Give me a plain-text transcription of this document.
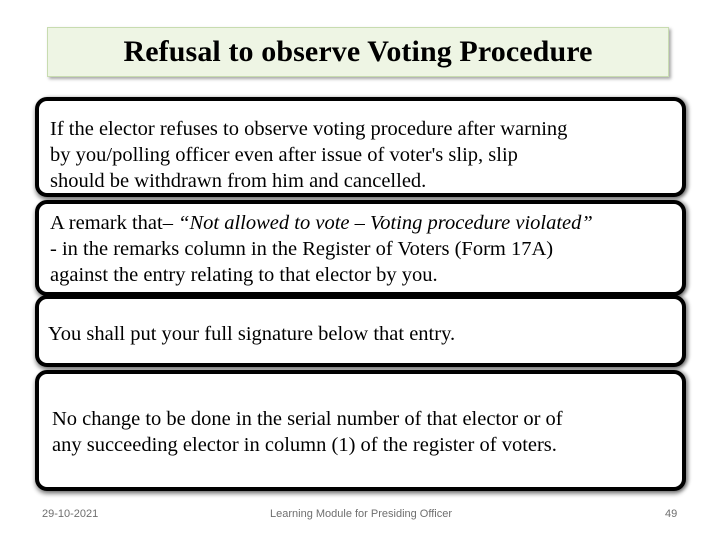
Refusal to observe Voting Procedure
If the elector refuses to observe voting procedure after warning
by you/polling officer even after issue of voter's slip, slip
should be withdrawn from him and cancelled.
A remark that– “Not allowed to vote – Voting procedure violated”
- in the remarks column in the Register of Voters (Form 17A)
against the entry relating to that elector by you.
You shall put your full signature below that entry.
No change to be done in the serial number of that elector or of
any succeeding elector in column (1) of the register of voters.
29-10-2021	Learning Module for Presiding Officer	49
